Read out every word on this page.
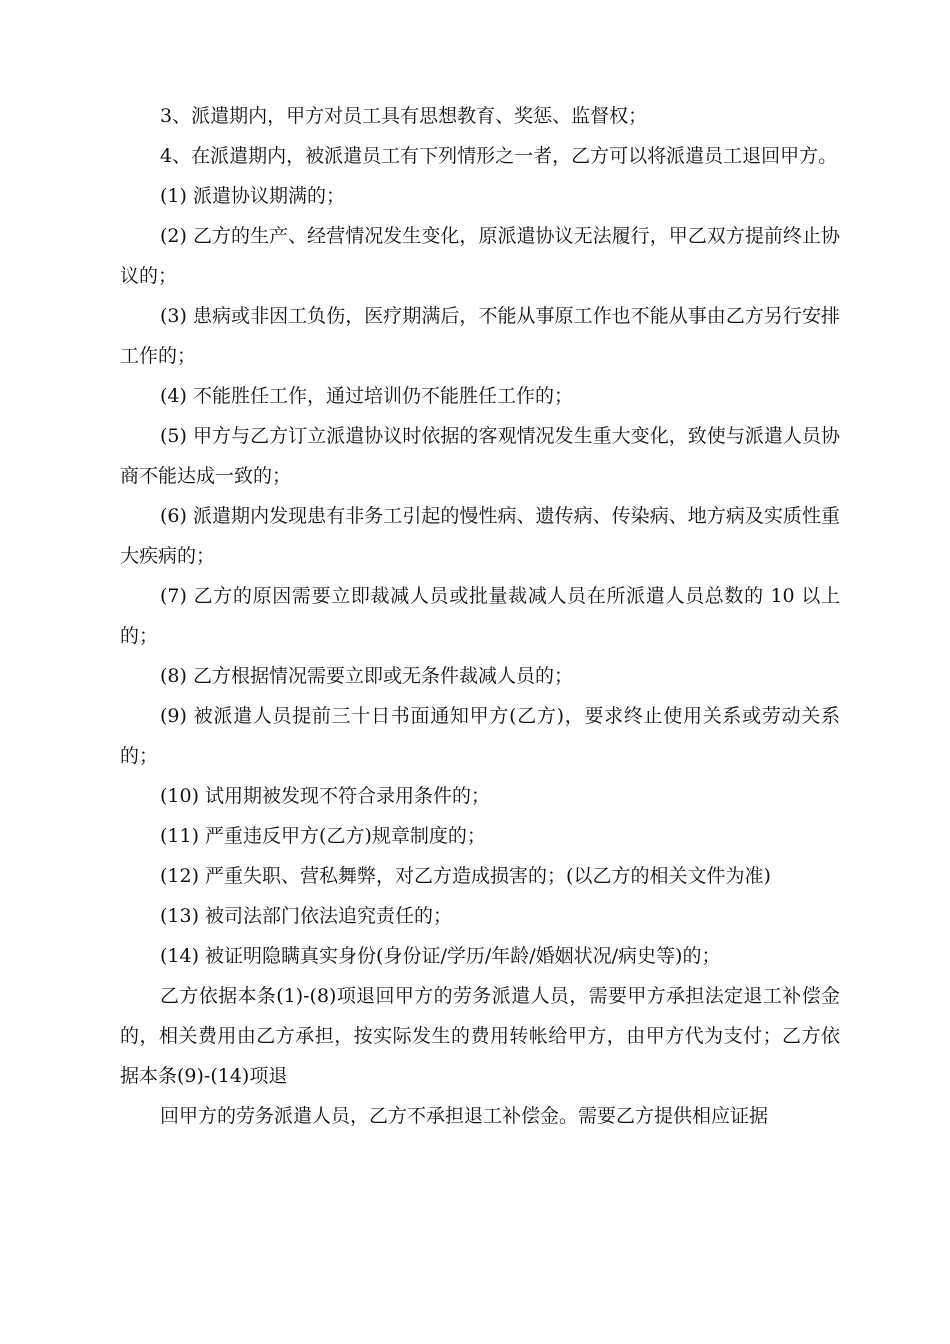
3、派遣期内，甲方对员工具有思想教育、奖惩、监督权；

4、在派遣期内，被派遣员工有下列情形之一者，乙方可以将派遣员工退回甲方。

(1) 派遣协议期满的；

(2) 乙方的生产、经营情况发生变化，原派遣协议无法履行，甲乙双方提前终止协议的；

(3) 患病或非因工负伤，医疗期满后，不能从事原工作也不能从事由乙方另行安排工作的；

(4) 不能胜任工作，通过培训仍不能胜任工作的；

(5) 甲方与乙方订立派遣协议时依据的客观情况发生重大变化，致使与派遣人员协商不能达成一致的；

(6) 派遣期内发现患有非务工引起的慢性病、遗传病、传染病、地方病及实质性重大疾病的；

(7) 乙方的原因需要立即裁减人员或批量裁减人员在所派遣人员总数的 10 以上的；

(8) 乙方根据情况需要立即或无条件裁减人员的；

(9) 被派遣人员提前三十日书面通知甲方(乙方)，要求终止使用关系或劳动关系的；

(10) 试用期被发现不符合录用条件的；

(11) 严重违反甲方(乙方)规章制度的；

(12) 严重失职、营私舞弊，对乙方造成损害的；(以乙方的相关文件为准)

(13) 被司法部门依法追究责任的；

(14) 被证明隐瞒真实身份(身份证/学历/年龄/婚姻状况/病史等)的；

乙方依据本条(1)-(8)项退回甲方的劳务派遣人员，需要甲方承担法定退工补偿金的，相关费用由乙方承担，按实际发生的费用转帐给甲方，由甲方代为支付；乙方依据本条(9)-(14)项退

回甲方的劳务派遣人员，乙方不承担退工补偿金。需要乙方提供相应证据
